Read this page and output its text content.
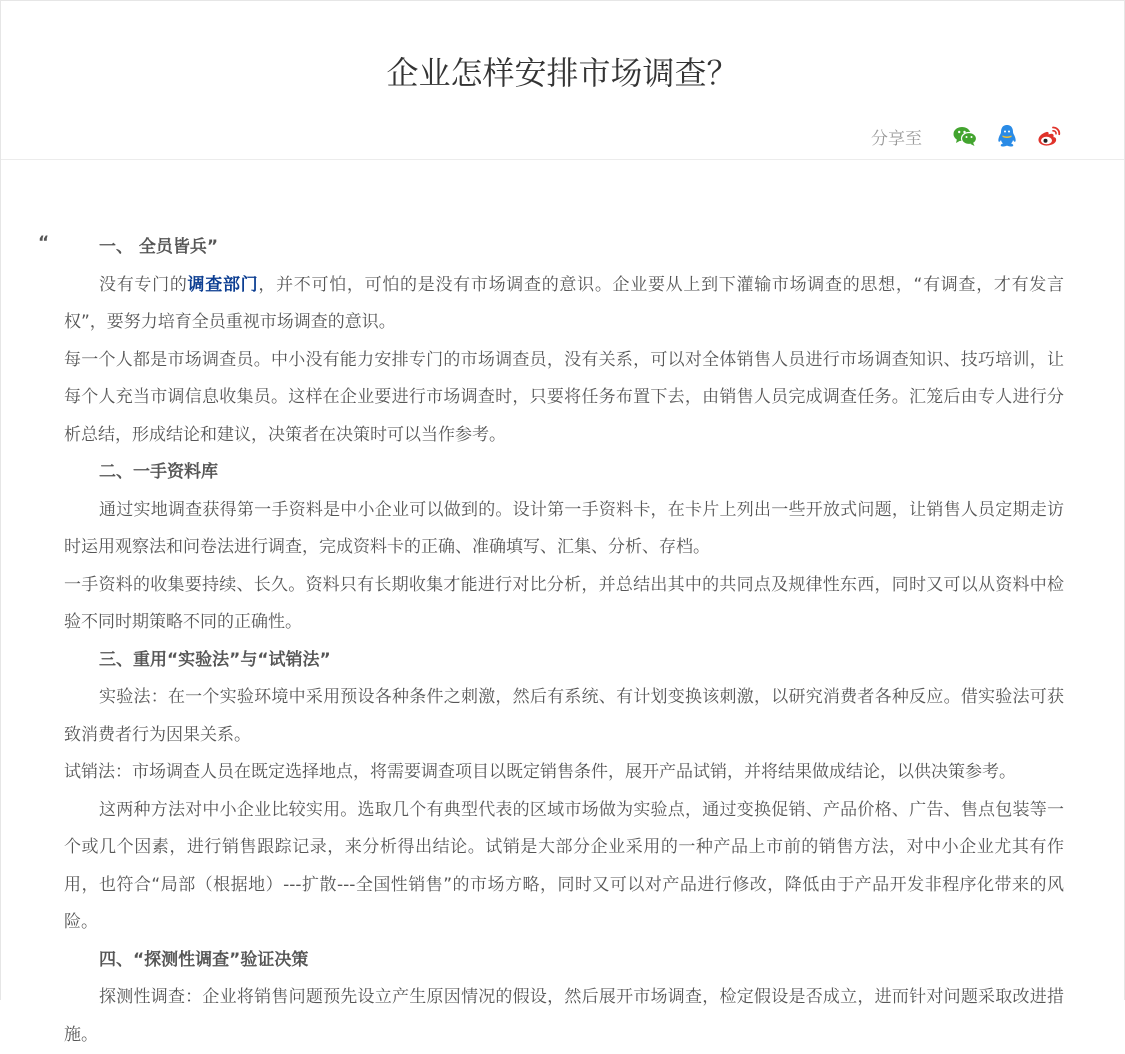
企业怎样安排市场调查？
分享至
“	一、 全员皆兵”

没有专门的调查部门，并不可怕，可怕的是没有市场调查的意识。企业要从上到下灌输市场调查的思想，“有调查，才有发言权”，要努力培育全员重视市场调查的意识。

每一个人都是市场调查员。中小没有能力安排专门的市场调查员，没有关系，可以对全体销售人员进行市场调查知识、技巧培训，让每个人充当市调信息收集员。这样在企业要进行市场调查时，只要将任务布置下去，由销售人员完成调查任务。汇笼后由专人进行分析总结，形成结论和建议，决策者在决策时可以当作参考。

二、一手资料库

通过实地调查获得第一手资料是中小企业可以做到的。设计第一手资料卡，在卡片上列出一些开放式问题，让销售人员定期走访时运用观察法和问卷法进行调查，完成资料卡的正确、准确填写、汇集、分析、存档。

一手资料的收集要持续、长久。资料只有长期收集才能进行对比分析，并总结出其中的共同点及规律性东西，同时又可以从资料中检验不同时期策略不同的正确性。

三、重用“实验法”与“试销法”

实验法：在一个实验环境中采用预设各种条件之刺激，然后有系统、有计划变换该刺激，以研究消费者各种反应。借实验法可获致消费者行为因果关系。

试销法：市场调查人员在既定选择地点，将需要调查项目以既定销售条件，展开产品试销，并将结果做成结论，以供决策参考。

这两种方法对中小企业比较实用。选取几个有典型代表的区域市场做为实验点，通过变换促销、产品价格、广告、售点包装等一个或几个因素，进行销售跟踪记录，来分析得出结论。试销是大部分企业采用的一种产品上市前的销售方法，对中小企业尤其有作用，也符合“局部（根据地）---扩散---全国性销售”的市场方略，同时又可以对产品进行修改，降低由于产品开发非程序化带来的风险。

四、“探测性调查”验证决策

探测性调查：企业将销售问题预先设立产生原因情况的假设，然后展开市场调查，检定假设是否成立，进而针对问题采取改进措施。
